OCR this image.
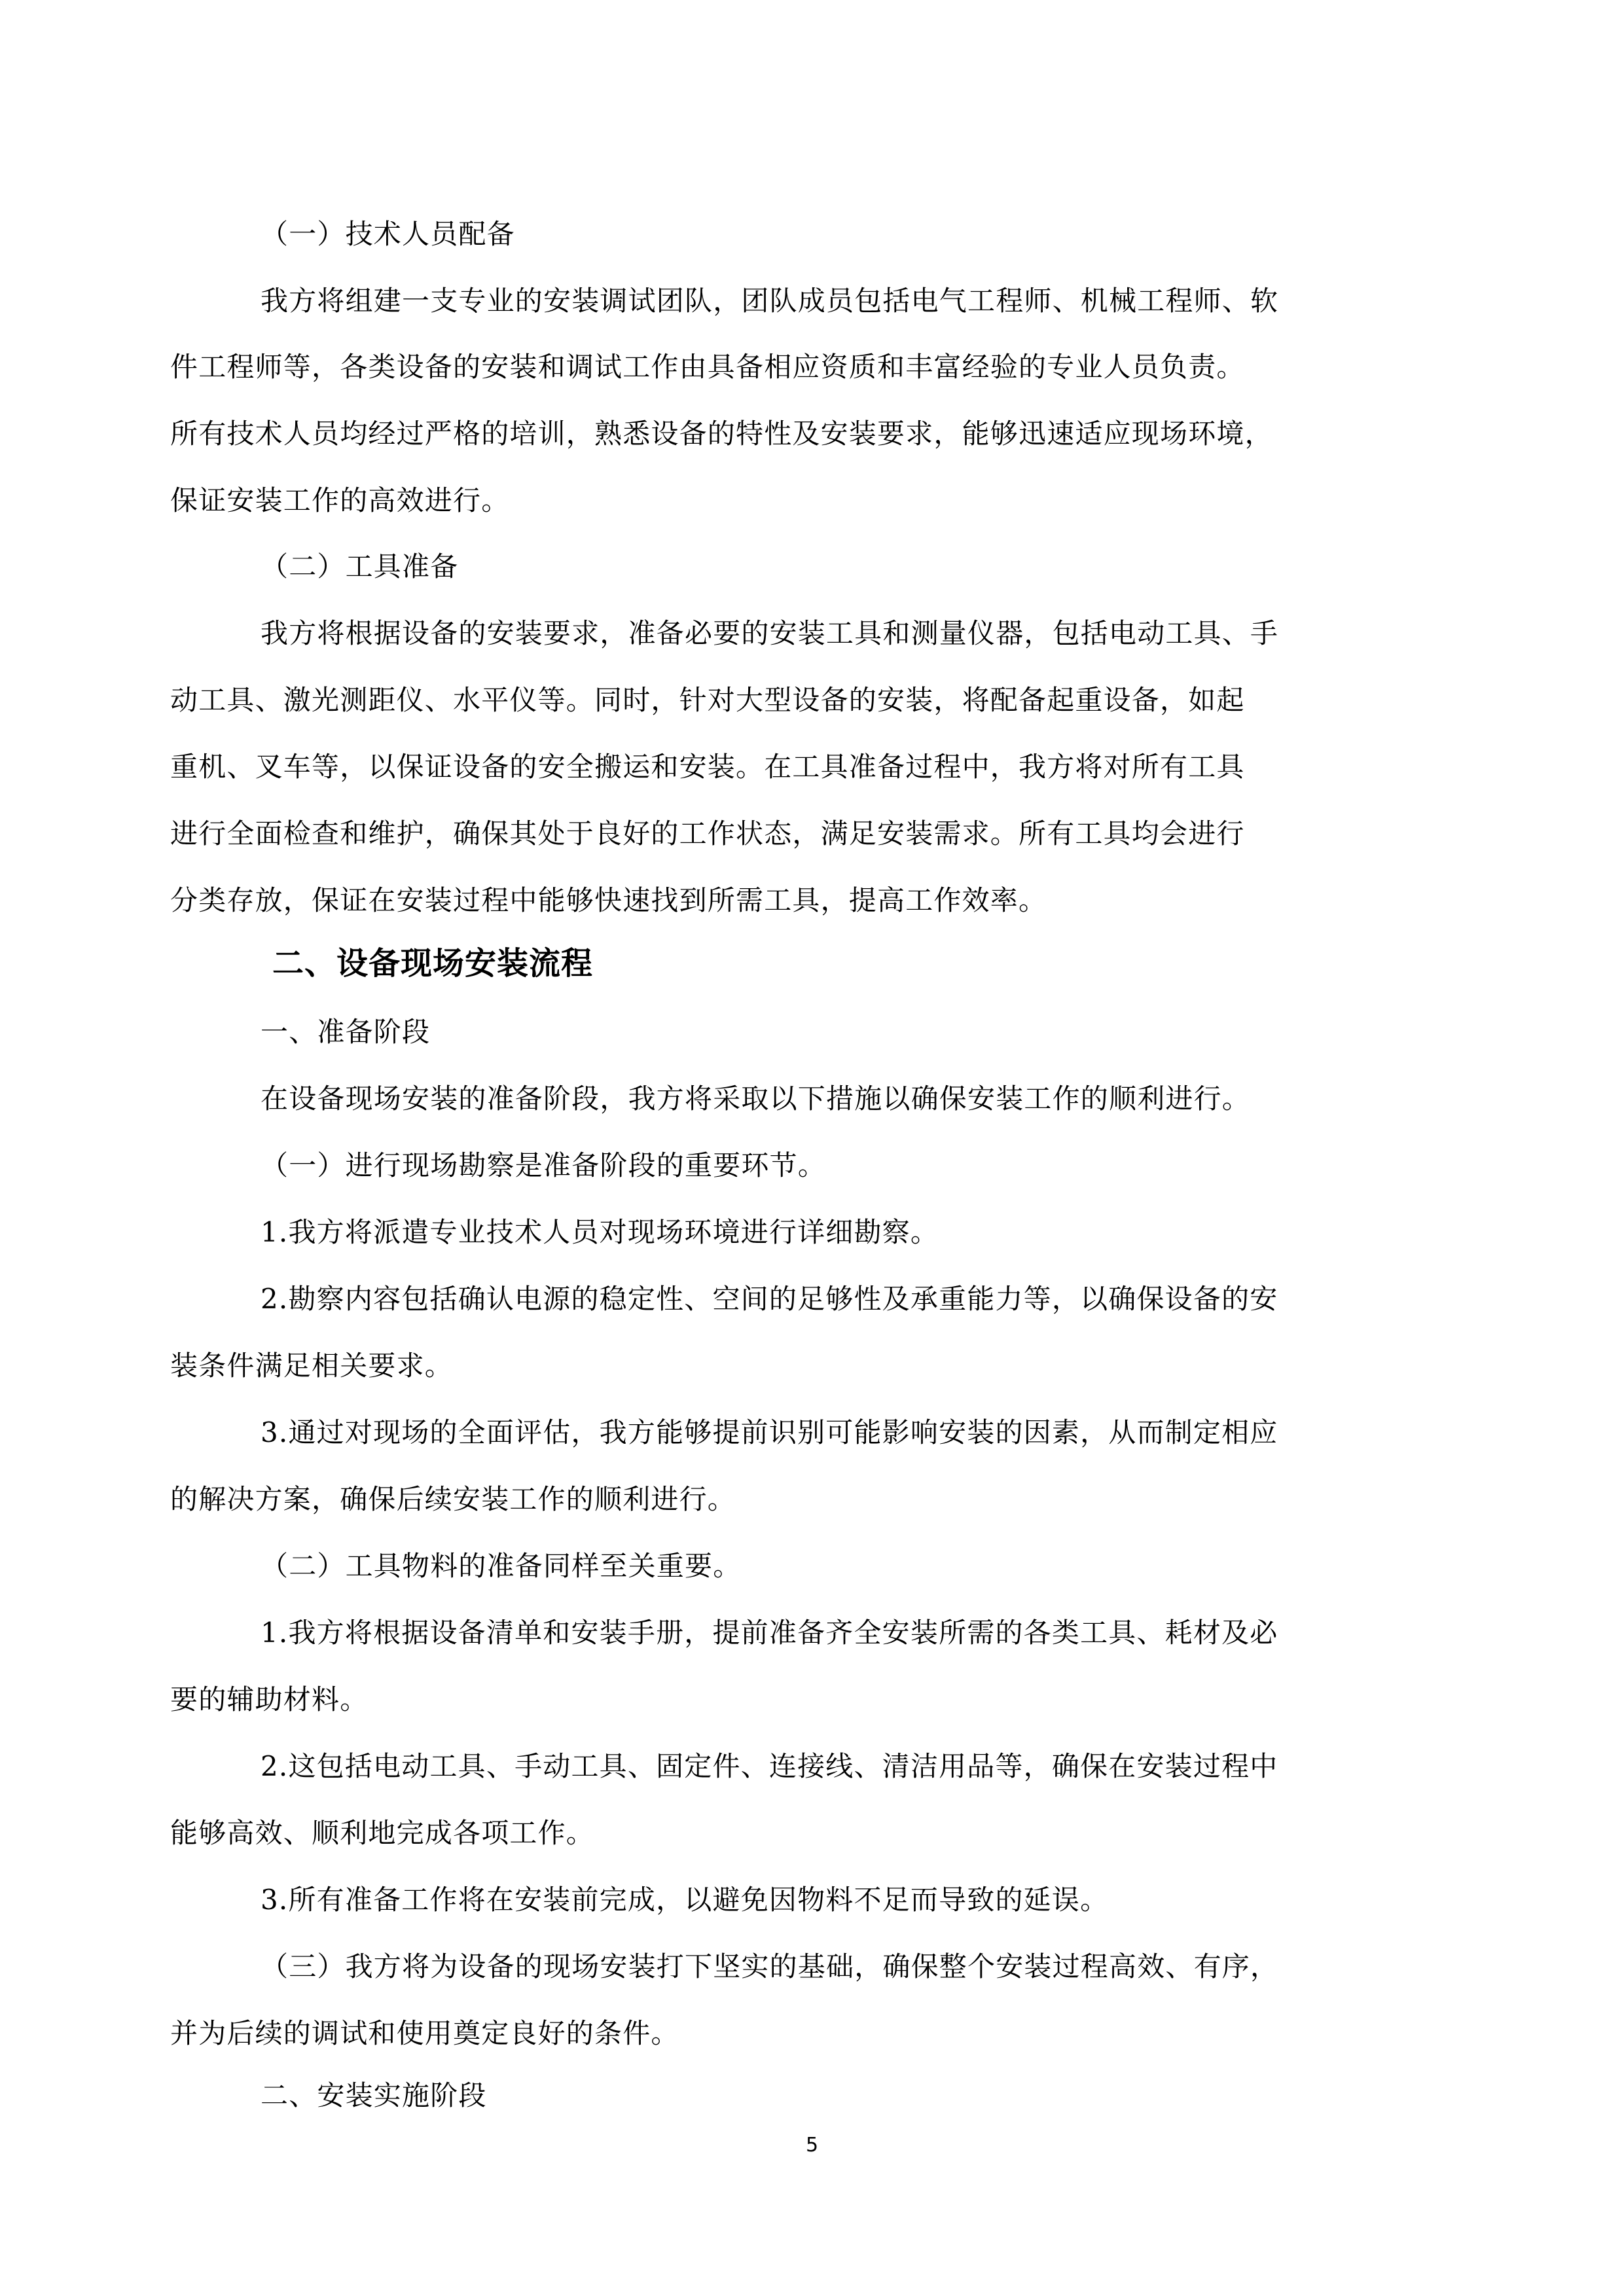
（一）技术人员配备
我方将组建一支专业的安装调试团队，团队成员包括电气工程师、机械工程师、软
件工程师等，各类设备的安装和调试工作由具备相应资质和丰富经验的专业人员负责。
所有技术人员均经过严格的培训，熟悉设备的特性及安装要求，能够迅速适应现场环境，
保证安装工作的高效进行。
（二）工具准备
我方将根据设备的安装要求，准备必要的安装工具和测量仪器，包括电动工具、手
动工具、激光测距仪、水平仪等。同时，针对大型设备的安装，将配备起重设备，如起
重机、叉车等，以保证设备的安全搬运和安装。在工具准备过程中，我方将对所有工具
进行全面检查和维护，确保其处于良好的工作状态，满足安装需求。所有工具均会进行
分类存放，保证在安装过程中能够快速找到所需工具，提高工作效率。
二、设备现场安装流程
一、准备阶段
在设备现场安装的准备阶段，我方将采取以下措施以确保安装工作的顺利进行。
（一）进行现场勘察是准备阶段的重要环节。
1.我方将派遣专业技术人员对现场环境进行详细勘察。
2.勘察内容包括确认电源的稳定性、空间的足够性及承重能力等，以确保设备的安
装条件满足相关要求。
3.通过对现场的全面评估，我方能够提前识别可能影响安装的因素，从而制定相应
的解决方案，确保后续安装工作的顺利进行。
（二）工具物料的准备同样至关重要。
1.我方将根据设备清单和安装手册，提前准备齐全安装所需的各类工具、耗材及必
要的辅助材料。
2.这包括电动工具、手动工具、固定件、连接线、清洁用品等，确保在安装过程中
能够高效、顺利地完成各项工作。
3.所有准备工作将在安装前完成，以避免因物料不足而导致的延误。
（三）我方将为设备的现场安装打下坚实的基础，确保整个安装过程高效、有序，
并为后续的调试和使用奠定良好的条件。
二、安装实施阶段
5
